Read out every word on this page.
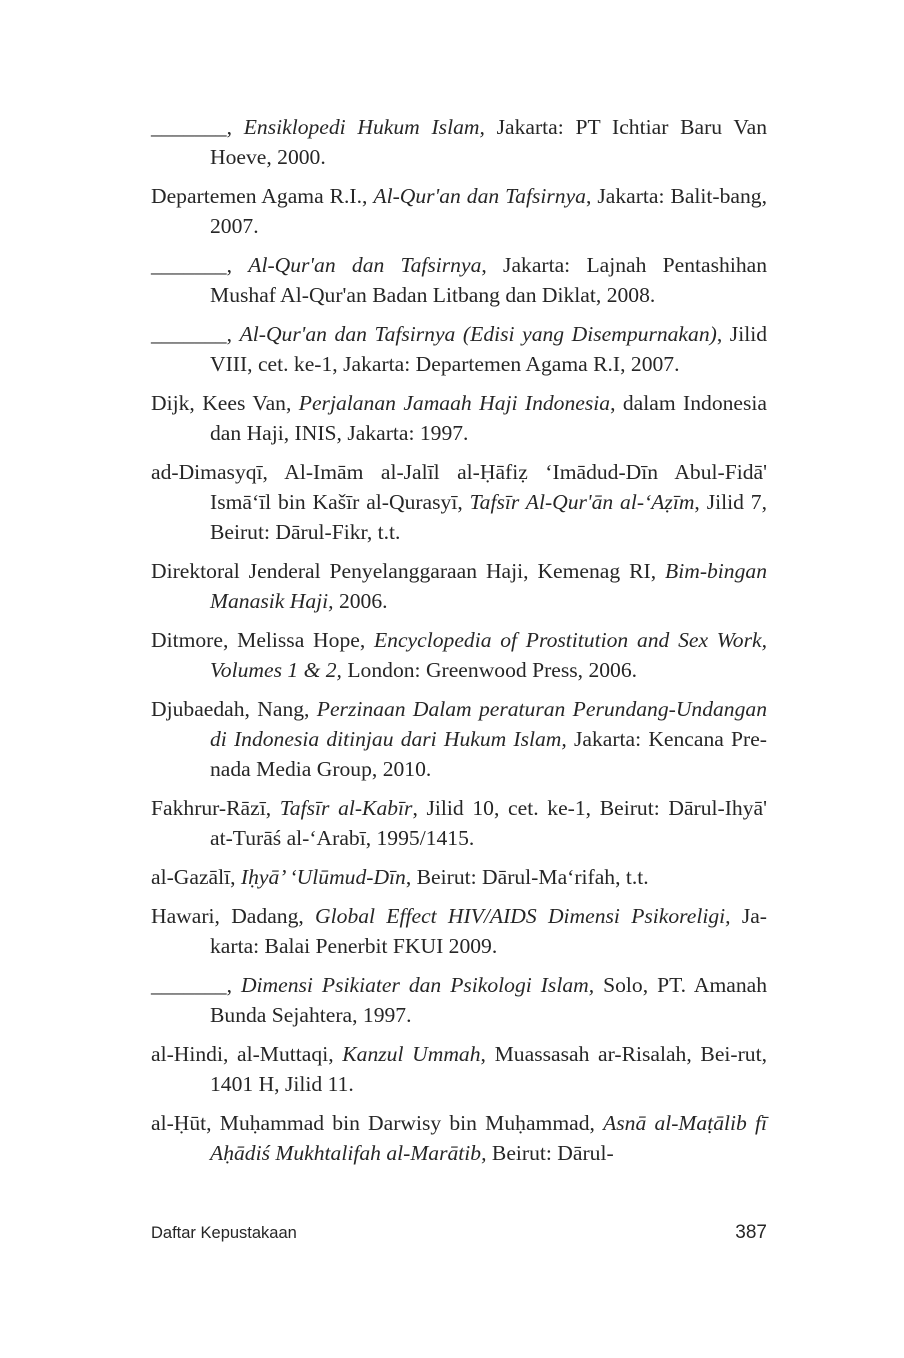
_______, Ensiklopedi Hukum Islam, Jakarta: PT Ichtiar Baru Van Hoeve, 2000.

Departemen Agama R.I., Al-Qur'an dan Tafsirnya, Jakarta: Balit-bang, 2007.

_______, Al-Qur'an dan Tafsirnya, Jakarta: Lajnah Pentashihan Mushaf Al-Qur'an Badan Litbang dan Diklat, 2008.

_______, Al-Qur'an dan Tafsirnya (Edisi yang Disempurnakan), Jilid VIII, cet. ke-1, Jakarta: Departemen Agama R.I, 2007.

Dijk, Kees Van, Perjalanan Jamaah Haji Indonesia, dalam Indonesia dan Haji, INIS, Jakarta: 1997.

ad-Dimasyqī, Al-Imām al-Jalīl al-Ḥāfiẓ ‘Imādud-Dīn Abul-Fidā' Ismā‘īl bin Kašīr al-Qurasyī, Tafsīr Al-Qur'ān al-‘Aẓīm, Jilid 7, Beirut: Dārul-Fikr, t.t.

Direktoral Jenderal Penyelanggaraan Haji, Kemenag RI, Bim-bingan Manasik Haji, 2006.

Ditmore, Melissa Hope, Encyclopedia of Prostitution and Sex Work, Volumes 1 & 2, London: Greenwood Press, 2006.

Djubaedah, Nang, Perzinaan Dalam peraturan Perundang-Undangan di Indonesia ditinjau dari Hukum Islam, Jakarta: Kencana Pre-nada Media Group, 2010.

Fakhrur-Rāzī, Tafsīr al-Kabīr, Jilid 10, cet. ke-1, Beirut: Dārul-Ihyā' at-Turāś al-‘Arabī, 1995/1415.

al-Gazālī, Iḥyā’ ‘Ulūmud-Dīn, Beirut: Dārul-Ma‘rifah, t.t.

Hawari, Dadang, Global Effect HIV/AIDS Dimensi Psikoreligi, Ja-karta: Balai Penerbit FKUI 2009.

_______, Dimensi Psikiater dan Psikologi Islam, Solo, PT. Amanah Bunda Sejahtera, 1997.

al-Hindi, al-Muttaqi, Kanzul Ummah, Muassasah ar-Risalah, Bei-rut, 1401 H, Jilid 11.

al-Ḥūt, Muḥammad bin Darwisy bin Muḥammad, Asnā al-Maṭālib fī Aḥādiś Mukhtalifah al-Marātib, Beirut: Dārul-

Daftar Kepustakaan	387
